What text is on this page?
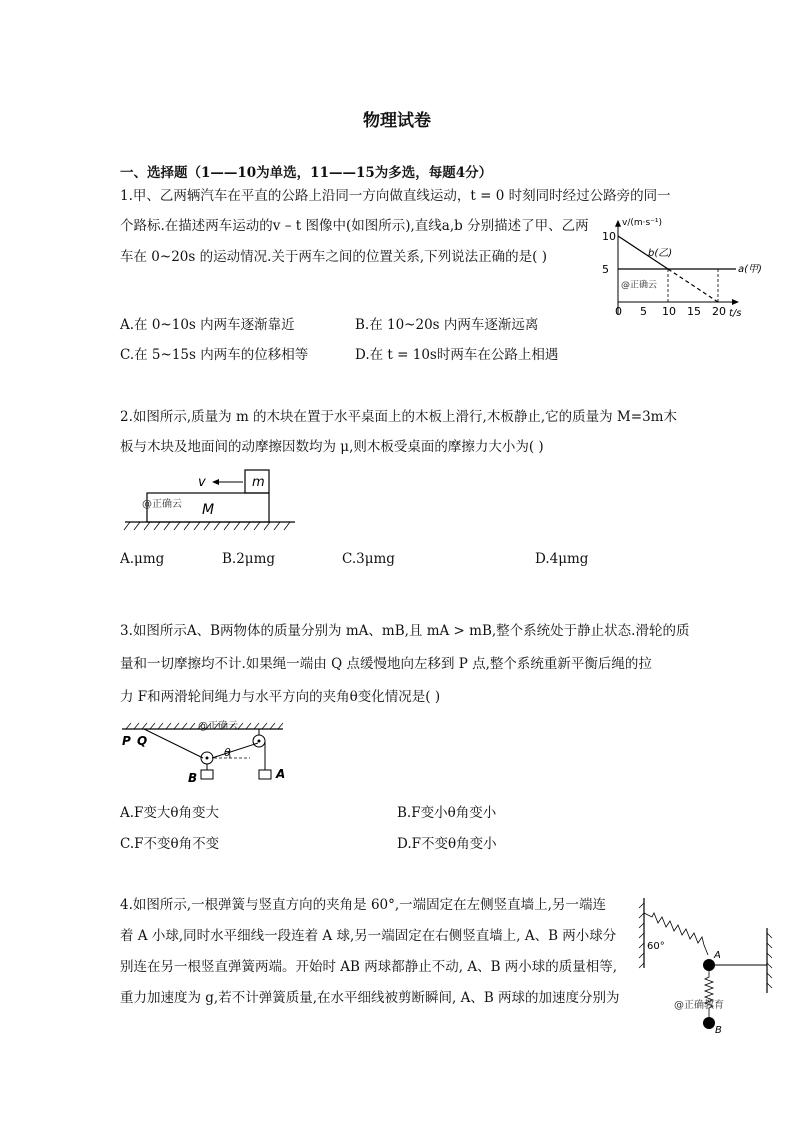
物理试卷
一、选择题（1——10为单选，11——15为多选，每题4分）
1.甲、乙两辆汽车在平直的公路上沿同一方向做直线运动，t = 0 时刻同时经过公路旁的同一
个路标.在描述两车运动的v – t 图像中(如图所示),直线a,b 分别描述了甲、乙两
车在 0~20s 的运动情况.关于两车之间的位置关系,下列说法正确的是( )
A.在 0~10s 内两车逐渐靠近	B.在 10~20s 内两车逐渐远离
C.在 5~15s 内两车的位移相等	D.在 t = 10s时两车在公路上相遇
v/(m·s⁻¹)
t/s
0 5 10 15 20
5
10
a(甲)
b(乙)
@正确云
2.如图所示,质量为 m 的木块在置于水平桌面上的木板上滑行,木板静止,它的质量为 M=3m木
板与木块及地面间的动摩擦因数均为 μ,则木板受桌面的摩擦力大小为( )
v	m
M
@正确云
A.μmg	B.2μmg	C.3μmg	D.4μmg
3.如图所示A、B两物体的质量分别为 mA、mB,且 mA > mB,整个系统处于静止状态.滑轮的质
量和一切摩擦均不计.如果绳一端由 Q 点缓慢地向左移到 P 点,整个系统重新平衡后绳的拉
力 F和两滑轮间绳力与水平方向的夹角θ变化情况是( )
θ
P Q
A
B
@正确云
A.F变大θ角变大	B.F变小θ角变小
C.F不变θ角不变	D.F不变θ角变小
4.如图所示,一根弹簧与竖直方向的夹角是 60°,一端固定在左侧竖直墙上,另一端连
着 A 小球,同时水平细线一段连着 A 球,另一端固定在右侧竖直墙上, A、B 两小球分
别连在另一根竖直弹簧两端。开始时 AB 两球都静止不动, A、B 两小球的质量相等,
重力加速度为 g,若不计弹簧质量,在水平细线被剪断瞬间, A、B 两球的加速度分别为
60°
A
@正确教育
B
